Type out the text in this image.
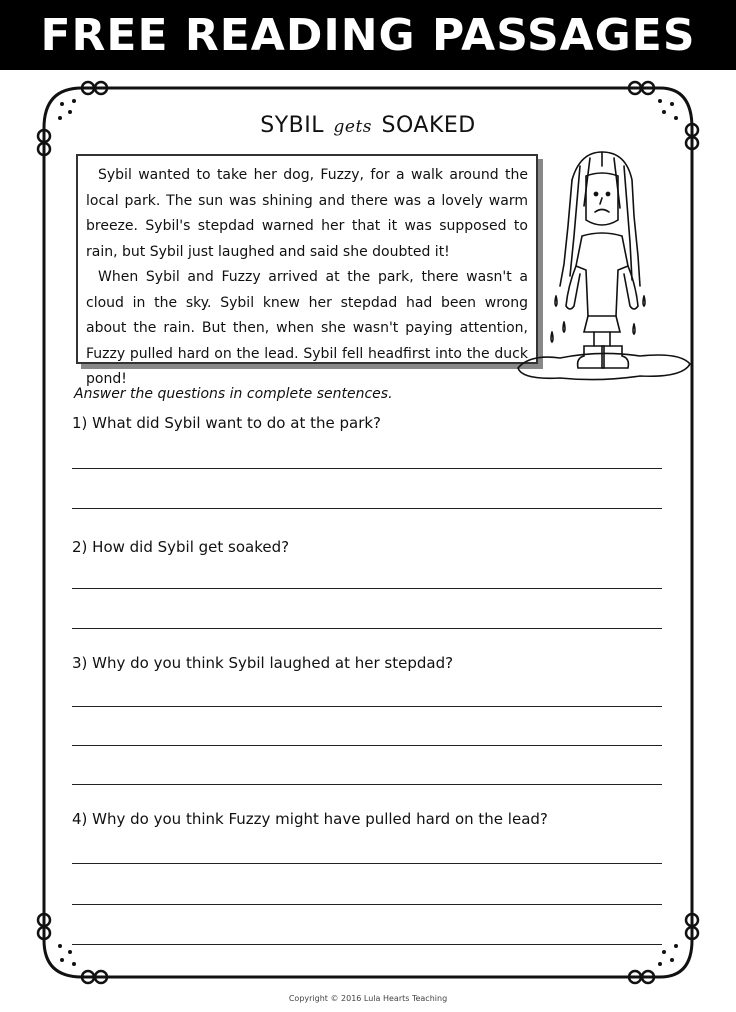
FREE READING PASSAGES
SYBIL gets SOAKED

Sybil wanted to take her dog, Fuzzy, for a walk around the local park. The sun was shining and there was a lovely warm breeze. Sybil's stepdad warned her that it was supposed to rain, but Sybil just laughed and said she doubted it!

When Sybil and Fuzzy arrived at the park, there wasn't a cloud in the sky. Sybil knew her stepdad had been wrong about the rain. But then, when she wasn't paying attention, Fuzzy pulled hard on the lead. Sybil fell headfirst into the duck pond!

Answer the questions in complete sentences.
1) What did Sybil want to do at the park?
2) How did Sybil get soaked?
3) Why do you think Sybil laughed at her stepdad?
4) Why do you think Fuzzy might have pulled hard on the lead?
Copyright © 2016 Lula Hearts Teaching
